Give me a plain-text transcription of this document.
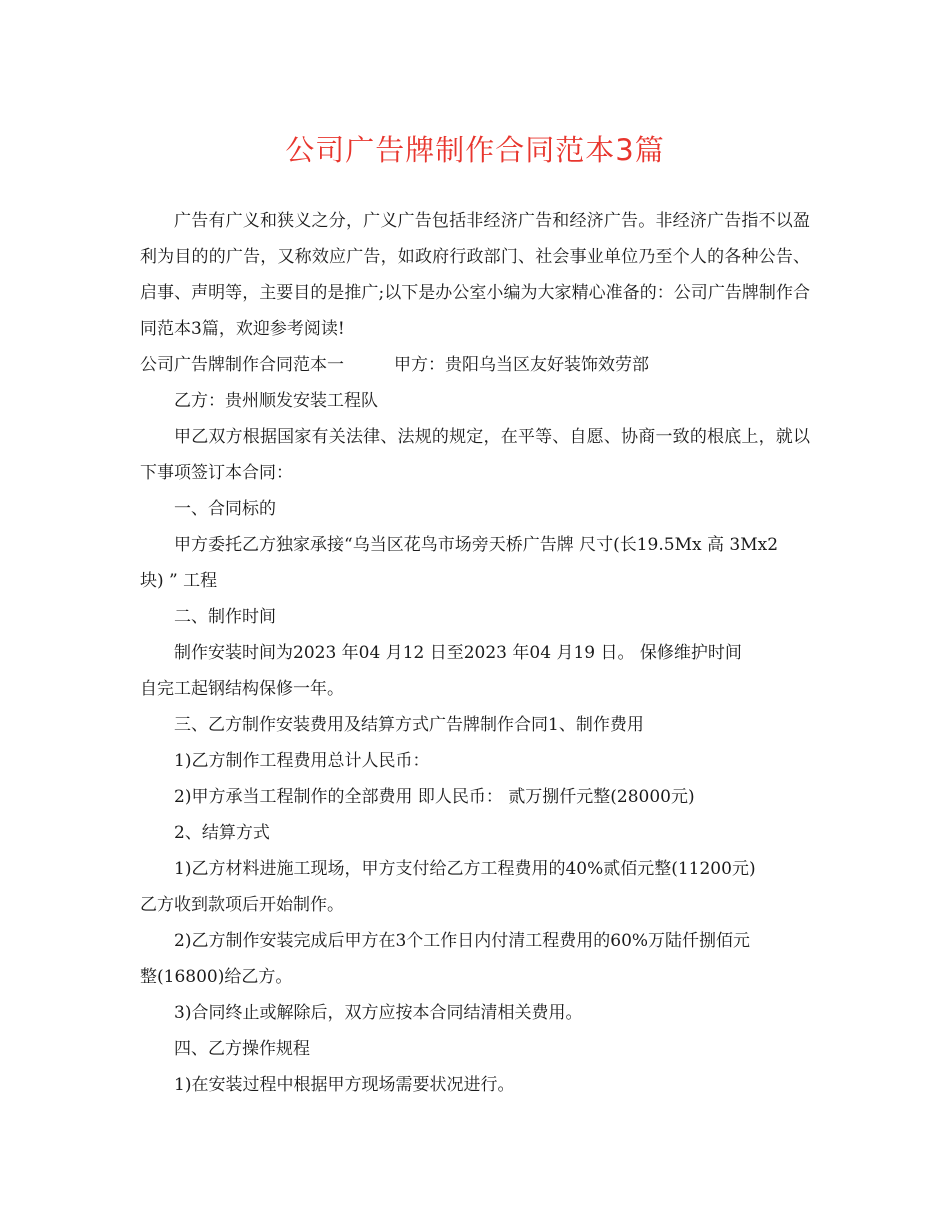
公司广告牌制作合同范本3篇

广告有广义和狭义之分，广义广告包括非经济广告和经济广告。非经济广告指不以盈利为目的的广告，又称效应广告，如政府行政部门、社会事业单位乃至个人的各种公告、启事、声明等，主要目的是推广;以下是办公室小编为大家精心准备的：公司广告牌制作合同范本3篇，欢迎参考阅读!

公司广告牌制作合同范本一	甲方：贵阳乌当区友好装饰效劳部

乙方：贵州顺发安装工程队

甲乙双方根据国家有关法律、法规的规定，在平等、自愿、协商一致的根底上，就以下事项签订本合同：

一、合同标的

甲方委托乙方独家承接“乌当区花鸟市场旁天桥广告牌 尺寸(长19.5Mx 高 3Mx2

块) ” 工程

二、制作时间

制作安装时间为2023 年04 月12 日至2023 年04 月19 日。 保修维护时间

自完工起钢结构保修一年。

三、乙方制作安装费用及结算方式广告牌制作合同1、制作费用

1)乙方制作工程费用总计人民币：

2)甲方承当工程制作的全部费用 即人民币： 贰万捌仟元整(28000元)

2、结算方式

1)乙方材料进施工现场，甲方支付给乙方工程费用的40%贰佰元整(11200元)

乙方收到款项后开始制作。

2)乙方制作安装完成后甲方在3个工作日内付清工程费用的60%万陆仟捌佰元

整(16800)给乙方。

3)合同终止或解除后，双方应按本合同结清相关费用。

四、乙方操作规程

1)在安装过程中根据甲方现场需要状况进行。
